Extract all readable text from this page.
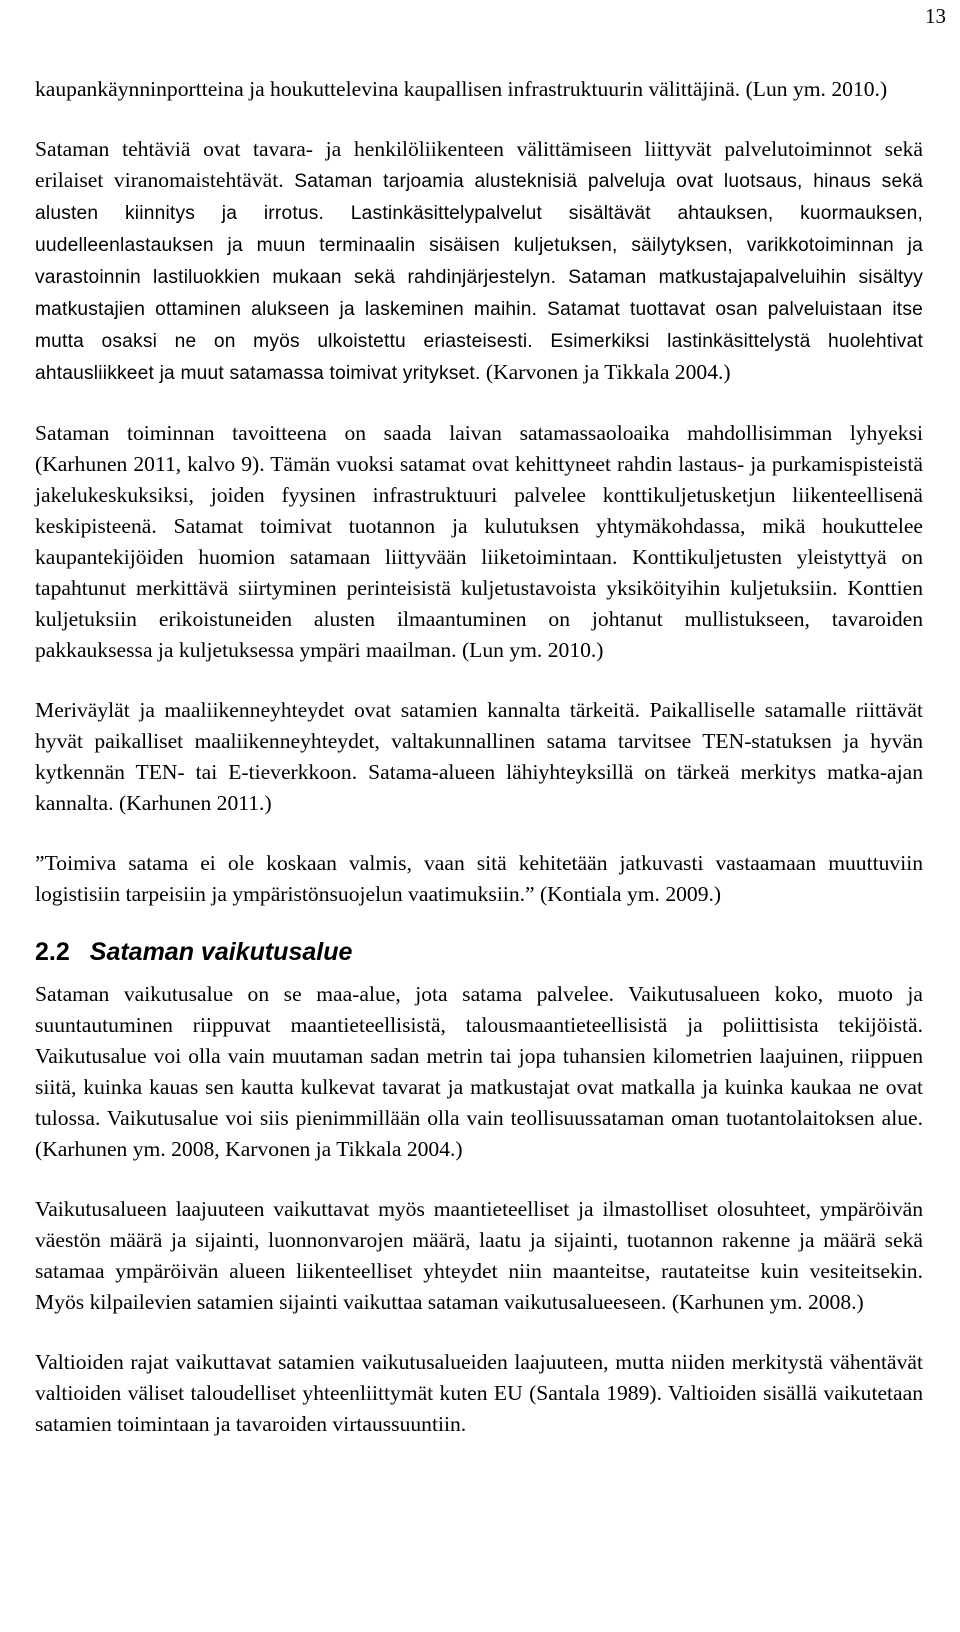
13

kaupankäynninportteina ja houkuttelevina kaupallisen infrastruktuurin välittäjinä. (Lun ym. 2010.)

Sataman tehtäviä ovat tavara- ja henkilöliikenteen välittämiseen liittyvät palvelutoiminnot sekä erilaiset viranomaistehtävät. Sataman tarjoamia alusteknisiä palveluja ovat luotsaus, hinaus sekä alusten kiinnitys ja irrotus. Lastinkäsittelypalvelut sisältävät ahtauksen, kuormauksen, uudelleenlastauksen ja muun terminaalin sisäisen kuljetuksen, säilytyksen, varikkotoiminnan ja varastoinnin lastiluokkien mukaan sekä rahdinjärjestelyn. Sataman matkustajapalveluihin sisältyy matkustajien ottaminen alukseen ja laskeminen maihin. Satamat tuottavat osan palveluistaan itse mutta osaksi ne on myös ulkoistettu eriasteisesti. Esimerkiksi lastinkäsittelystä huolehtivat ahtausliikkeet ja muut satamassa toimivat yritykset. (Karvonen ja Tikkala 2004.)

Sataman toiminnan tavoitteena on saada laivan satamassaoloaika mahdollisimman lyhyeksi (Karhunen 2011, kalvo 9). Tämän vuoksi satamat ovat kehittyneet rahdin lastaus- ja purkamispisteistä jakelukeskuksiksi, joiden fyysinen infrastruktuuri palvelee konttikuljetusketjun liikenteellisenä keskipisteenä. Satamat toimivat tuotannon ja kulutuksen yhtymäkohdassa, mikä houkuttelee kaupantekijöiden huomion satamaan liittyvään liiketoimintaan. Konttikuljetusten yleistyttyä on tapahtunut merkittävä siirtyminen perinteisistä kuljetustavoista yksiköityihin kuljetuksiin. Konttien kuljetuksiin erikoistuneiden alusten ilmaantuminen on johtanut mullistukseen, tavaroiden pakkauksessa ja kuljetuksessa ympäri maailman. (Lun ym. 2010.)

Meriväylät ja maaliikenneyhteydet ovat satamien kannalta tärkeitä. Paikalliselle satamalle riittävät hyvät paikalliset maaliikenneyhteydet, valtakunnallinen satama tarvitsee TEN-statuksen ja hyvän kytkennän TEN- tai E-tieverkkoon. Satama-alueen lähiyhteyksillä on tärkeä merkitys matka-ajan kannalta. (Karhunen 2011.)

”Toimiva satama ei ole koskaan valmis, vaan sitä kehitetään jatkuvasti vastaamaan muuttuviin logistisiin tarpeisiin ja ympäristönsuojelun vaatimuksiin.” (Kontiala ym. 2009.)

2.2 Sataman vaikutusalue

Sataman vaikutusalue on se maa-alue, jota satama palvelee. Vaikutusalueen koko, muoto ja suuntautuminen riippuvat maantieteellisistä, talousmaantieteellisistä ja poliittisista tekijöistä. Vaikutusalue voi olla vain muutaman sadan metrin tai jopa tuhansien kilometrien laajuinen, riippuen siitä, kuinka kauas sen kautta kulkevat tavarat ja matkustajat ovat matkalla ja kuinka kaukaa ne ovat tulossa. Vaikutusalue voi siis pienimmillään olla vain teollisuussataman oman tuotantolaitoksen alue. (Karhunen ym. 2008, Karvonen ja Tikkala 2004.)

Vaikutusalueen laajuuteen vaikuttavat myös maantieteelliset ja ilmastolliset olosuhteet, ympäröivän väestön määrä ja sijainti, luonnonvarojen määrä, laatu ja sijainti, tuotannon rakenne ja määrä sekä satamaa ympäröivän alueen liikenteelliset yhteydet niin maanteitse, rautateitse kuin vesiteitsekin. Myös kilpailevien satamien sijainti vaikuttaa sataman vaikutusalueeseen. (Karhunen ym. 2008.)

Valtioiden rajat vaikuttavat satamien vaikutusalueiden laajuuteen, mutta niiden merkitystä vähentävät valtioiden väliset taloudelliset yhteenliittymät kuten EU (Santala 1989). Valtioiden sisällä vaikutetaan satamien toimintaan ja tavaroiden virtaussuuntiin.
